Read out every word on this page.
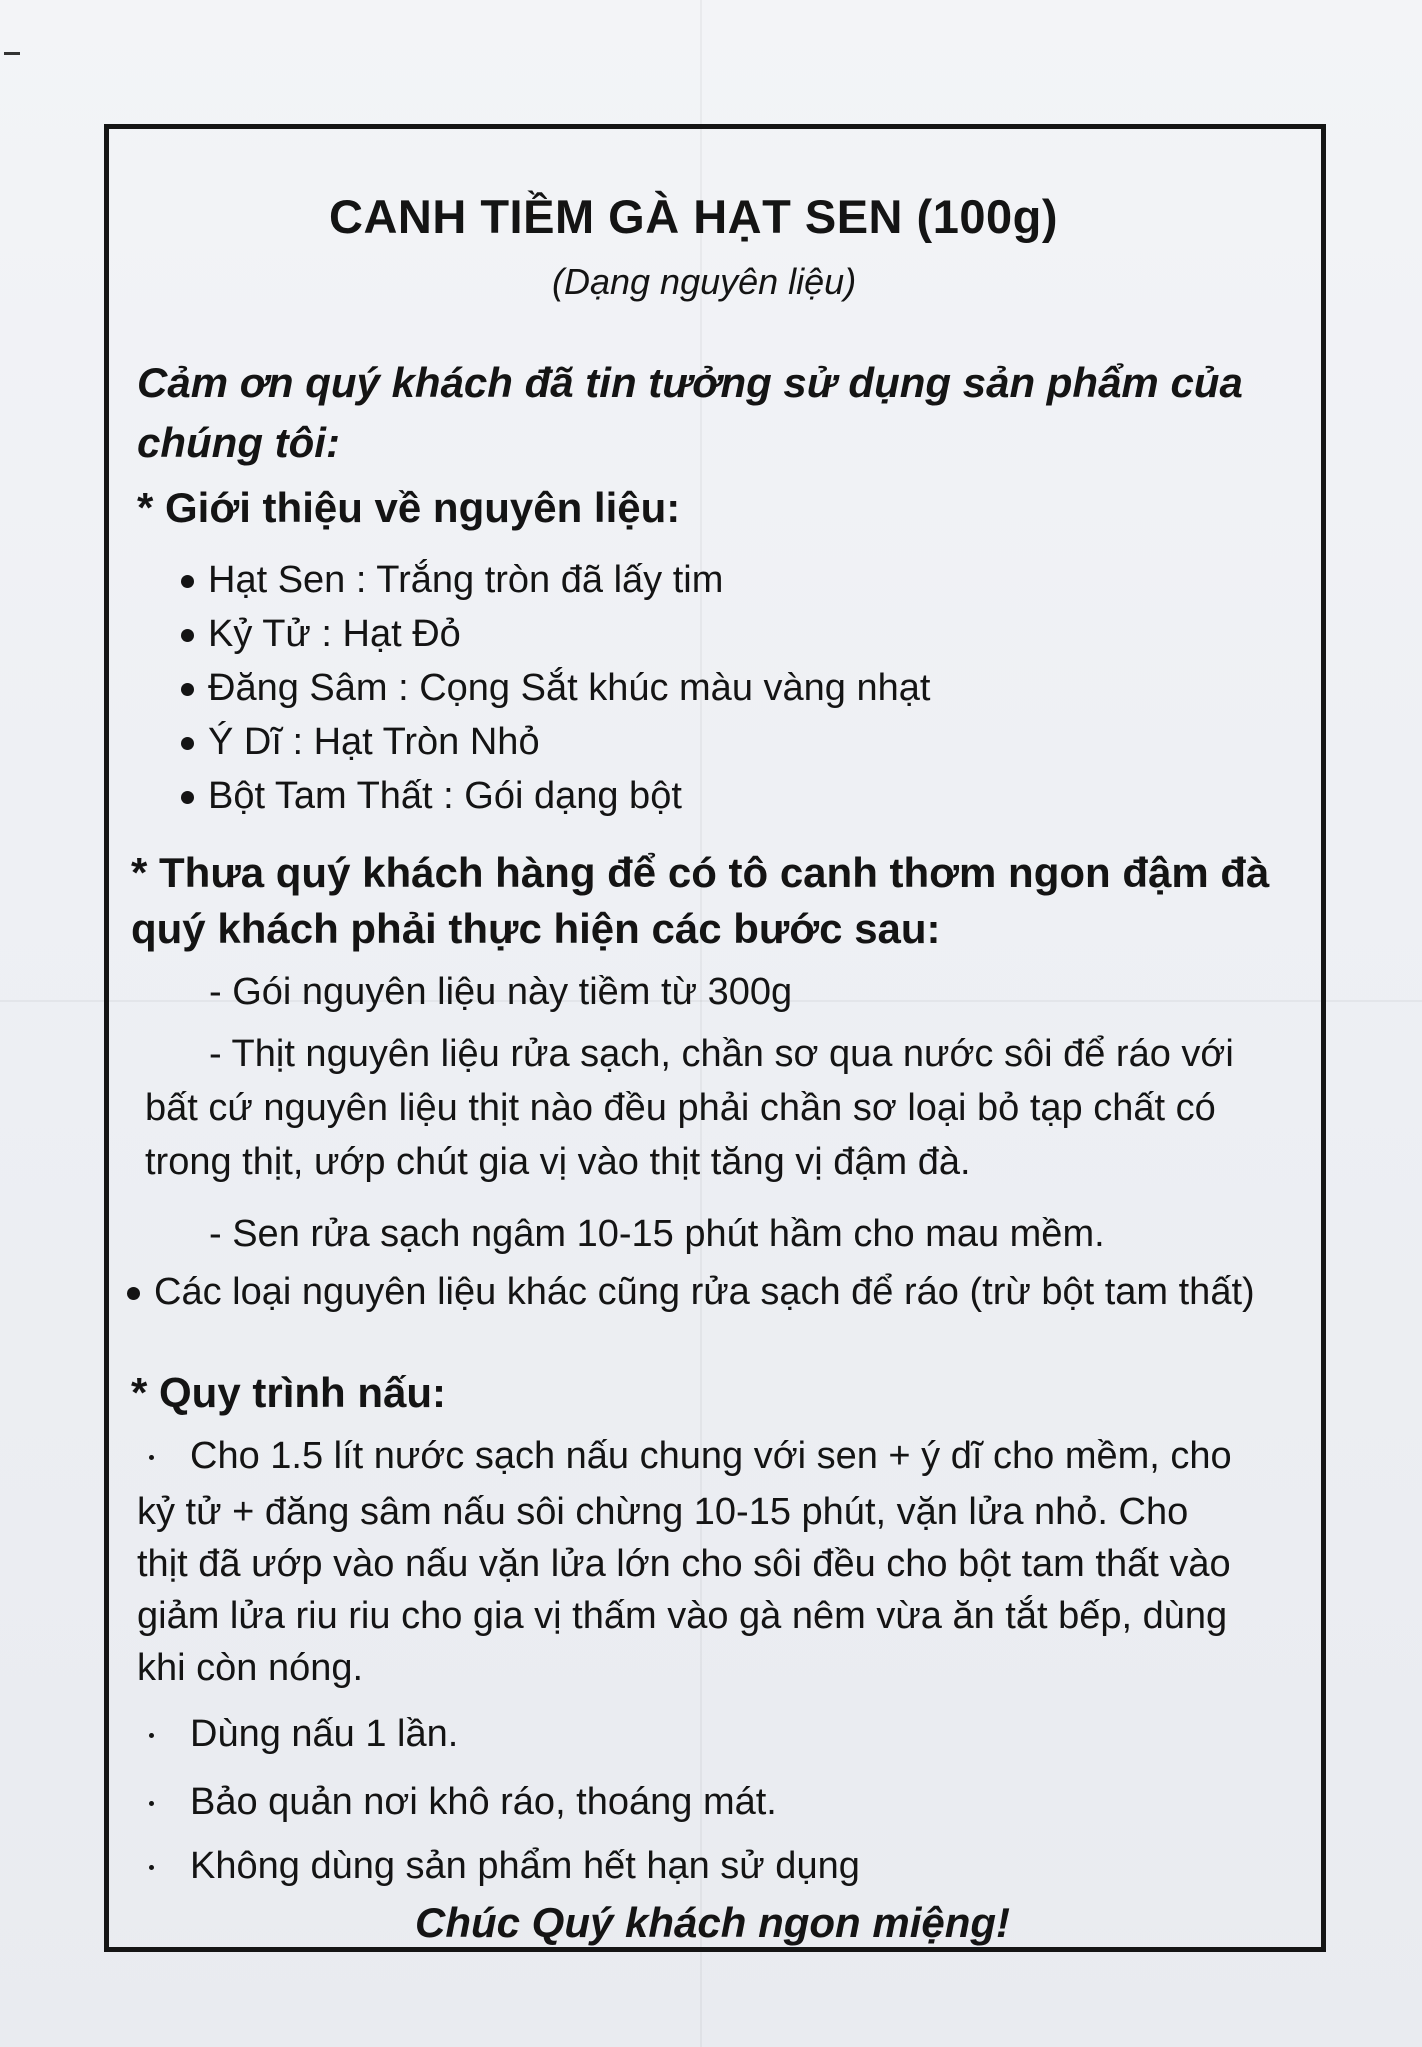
CANH TIỀM GÀ HẠT SEN (100g)
(Dạng nguyên liệu)
Cảm ơn quý khách đã tin tưởng sử dụng sản phẩm của
chúng tôi:
* Giới thiệu về nguyên liệu:
Hạt Sen : Trắng tròn đã lấy tim
Kỷ Tử : Hạt Đỏ
Đăng Sâm : Cọng Sắt khúc màu vàng nhạt
Ý Dĩ : Hạt Tròn Nhỏ
Bột Tam Thất : Gói dạng bột
* Thưa quý khách hàng để có tô canh thơm ngon đậm đà
quý khách phải thực hiện các bước sau:
- Gói nguyên liệu này tiềm từ 300g
- Thịt nguyên liệu rửa sạch, chần sơ qua nước sôi để ráo với
bất cứ nguyên liệu thịt nào đều phải chần sơ loại bỏ tạp chất có
trong thịt, ướp chút gia vị vào thịt tăng vị đậm đà.
- Sen rửa sạch ngâm 10-15 phút hầm cho mau mềm.
Các loại nguyên liệu khác cũng rửa sạch để ráo (trừ bột tam thất)
* Quy trình nấu:
Cho 1.5 lít nước sạch nấu chung với sen + ý dĩ cho mềm, cho
kỷ tử + đăng sâm nấu sôi chừng 10-15 phút, vặn lửa nhỏ. Cho
thịt đã ướp vào nấu vặn lửa lớn cho sôi đều cho bột tam thất vào
giảm lửa riu riu cho gia vị thấm vào gà nêm vừa ăn tắt bếp, dùng
khi còn nóng.
Dùng nấu 1 lần.
Bảo quản nơi khô ráo, thoáng mát.
Không dùng sản phẩm hết hạn sử dụng
Chúc Quý khách ngon miệng!
